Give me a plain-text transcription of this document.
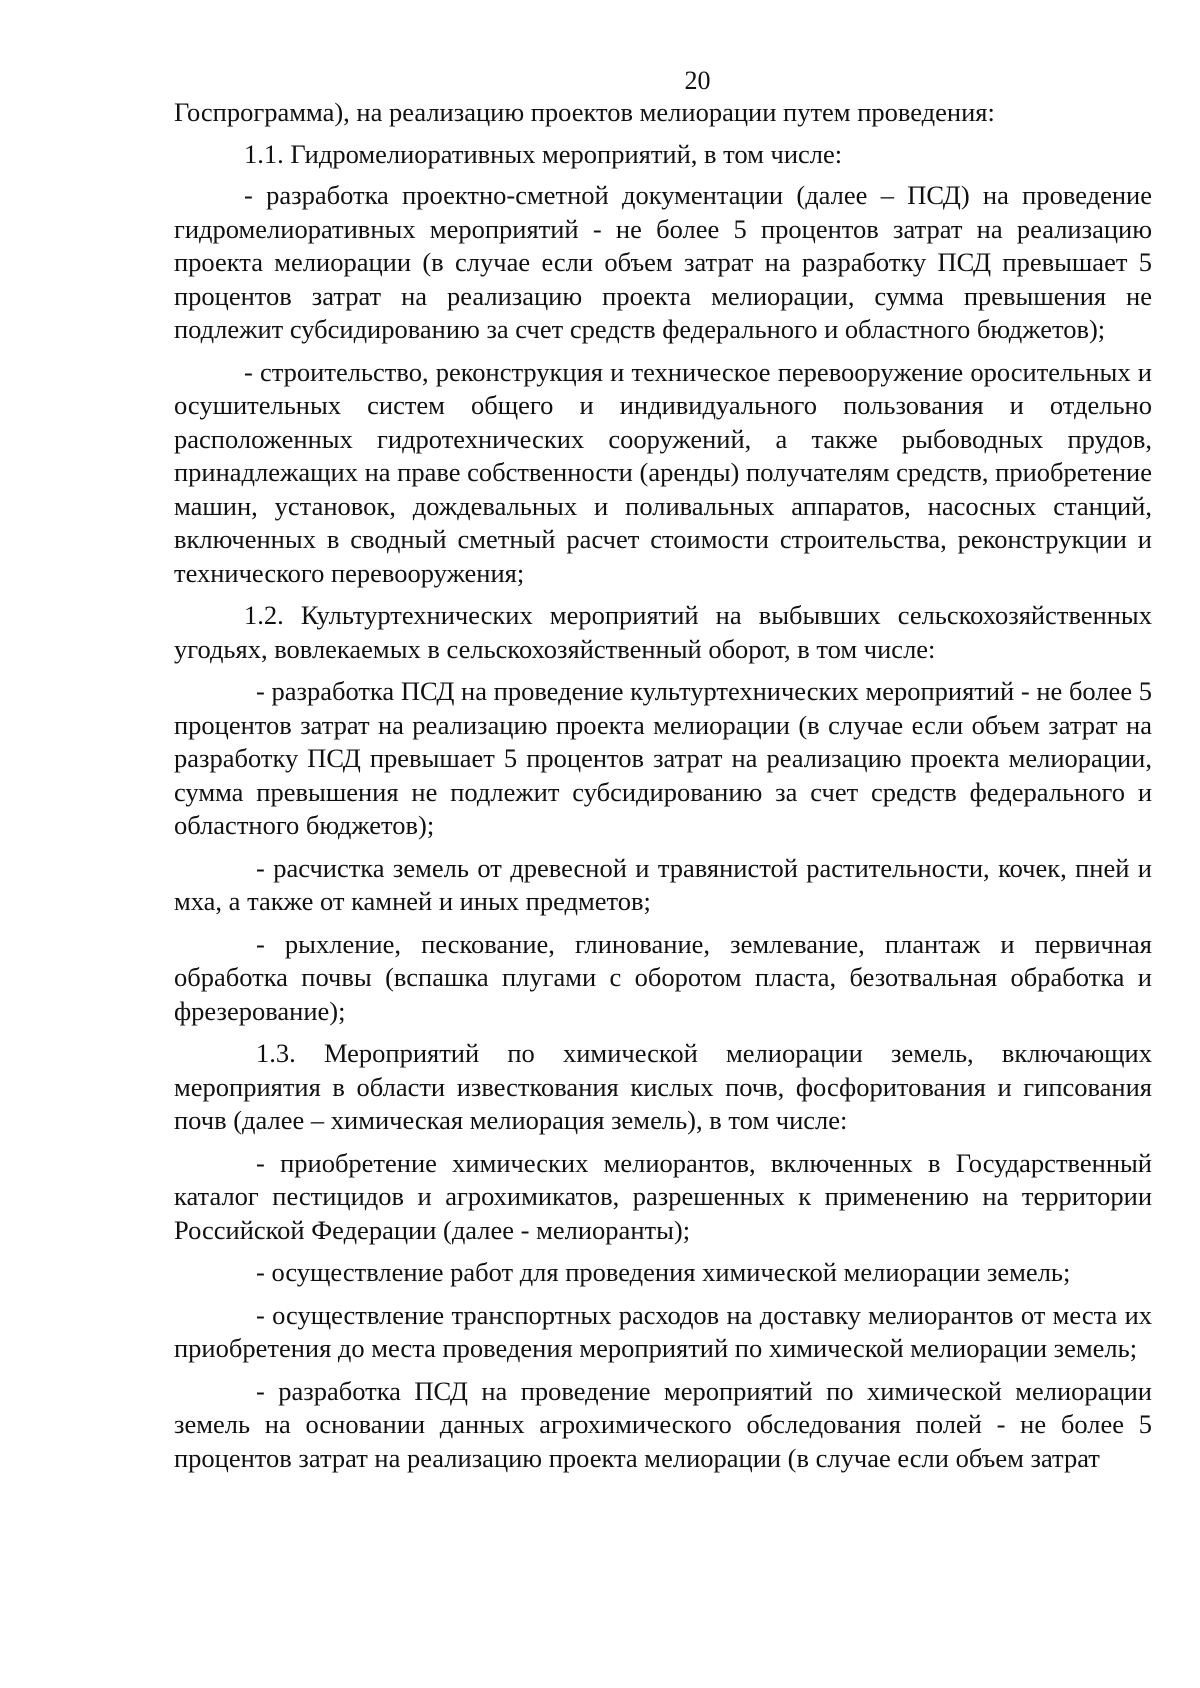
20

Госпрограмма), на реализацию проектов мелиорации путем проведения:

1.1. Гидромелиоративных мероприятий, в том числе:

- разработка проектно-сметной документации (далее – ПСД) на проведение гидромелиоративных мероприятий - не более 5 процентов затрат на реализацию проекта мелиорации (в случае если объем затрат на разработку ПСД превышает 5 процентов затрат на реализацию проекта мелиорации, сумма превышения не подлежит субсидированию за счет средств федерального и областного бюджетов);

- строительство, реконструкция и техническое перевооружение оросительных и осушительных систем общего и индивидуального пользования и отдельно расположенных гидротехнических сооружений, а также рыбоводных прудов, принадлежащих на праве собственности (аренды) получателям средств, приобретение машин, установок, дождевальных и поливальных аппаратов, насосных станций, включенных в сводный сметный расчет стоимости строительства, реконструкции и технического перевооружения;

1.2. Культуртехнических мероприятий на выбывших сельскохозяйственных угодьях, вовлекаемых в сельскохозяйственный оборот, в том числе:

- разработка ПСД на проведение культуртехнических мероприятий - не более 5 процентов затрат на реализацию проекта мелиорации (в случае если объем затрат на разработку ПСД превышает 5 процентов затрат на реализацию проекта мелиорации, сумма превышения не подлежит субсидированию за счет средств федерального и областного бюджетов);

- расчистка земель от древесной и травянистой растительности, кочек, пней и мха, а также от камней и иных предметов;

- рыхление, пескование, глинование, землевание, плантаж и первичная обработка почвы (вспашка плугами с оборотом пласта, безотвальная обработка и фрезерование);

1.3. Мероприятий по химической мелиорации земель, включающих мероприятия в области известкования кислых почв, фосфоритования и гипсования почв (далее – химическая мелиорация земель), в том числе:

- приобретение химических мелиорантов, включенных в Государственный каталог пестицидов и агрохимикатов, разрешенных к применению на территории Российской Федерации (далее - мелиоранты);

- осуществление работ для проведения химической мелиорации земель;

- осуществление транспортных расходов на доставку мелиорантов от места их приобретения до места проведения мероприятий по химической мелиорации земель;

- разработка ПСД на проведение мероприятий по химической мелиорации земель на основании данных агрохимического обследования полей - не более 5 процентов затрат на реализацию проекта мелиорации (в случае если объем затрат
